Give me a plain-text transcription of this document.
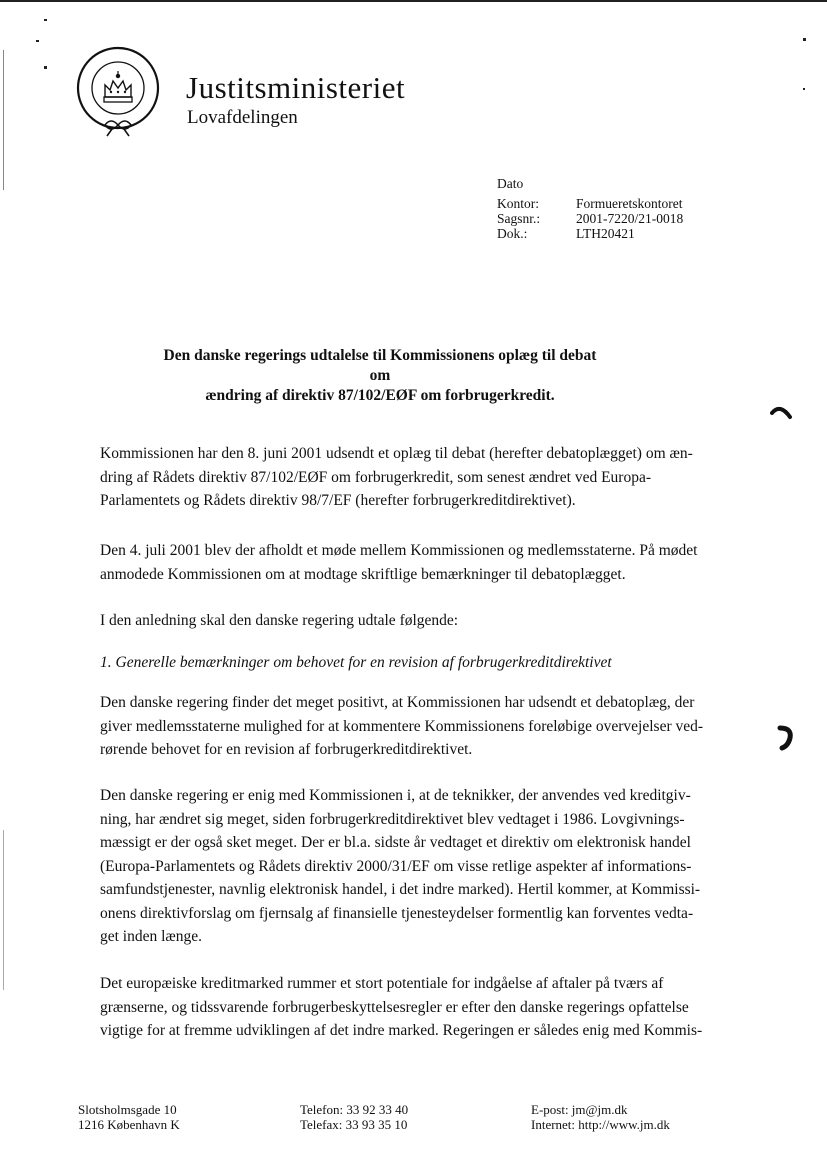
Justitsministeriet
Lovafdelingen
Dato
Kontor:	Formueretskontoret
Sagsnr.:	2001-7220/21-0018
Dok.:	LTH20421
Den danske regerings udtalelse til Kommissionens oplæg til debat
om
ændring af direktiv 87/102/EØF om forbrugerkredit.

Kommissionen har den 8. juni 2001 udsendt et oplæg til debat (herefter debatoplægget) om æn-

dring af Rådets direktiv 87/102/EØF om forbrugerkredit, som senest ændret ved Europa-

Parlamentets og Rådets direktiv 98/7/EF (herefter forbrugerkreditdirektivet).

Den 4. juli 2001 blev der afholdt et møde mellem Kommissionen og medlemsstaterne. På mødet

anmodede Kommissionen om at modtage skriftlige bemærkninger til debatoplægget.

I den anledning skal den danske regering udtale følgende:

1. Generelle bemærkninger om behovet for en revision af forbrugerkreditdirektivet

Den danske regering finder det meget positivt, at Kommissionen har udsendt et debatoplæg, der

giver medlemsstaterne mulighed for at kommentere Kommissionens foreløbige overvejelser ved-

rørende behovet for en revision af forbrugerkreditdirektivet.

Den danske regering er enig med Kommissionen i, at de teknikker, der anvendes ved kreditgiv-

ning, har ændret sig meget, siden forbrugerkreditdirektivet blev vedtaget i 1986. Lovgivnings-

mæssigt er der også sket meget. Der er bl.a. sidste år vedtaget et direktiv om elektronisk handel

(Europa-Parlamentets og Rådets direktiv 2000/31/EF om visse retlige aspekter af informations-

samfundstjenester, navnlig elektronisk handel, i det indre marked). Hertil kommer, at Kommissi-

onens direktivforslag om fjernsalg af finansielle tjenesteydelser formentlig kan forventes vedta-

get inden længe.

Det europæiske kreditmarked rummer et stort potentiale for indgåelse af aftaler på tværs af

grænserne, og tidssvarende forbrugerbeskyttelsesregler er efter den danske regerings opfattelse

vigtige for at fremme udviklingen af det indre marked. Regeringen er således enig med Kommis-

Slotsholmsgade 10
1216 København K
Telefon: 33 92 33 40
Telefax: 33 93 35 10
E-post: jm@jm.dk
Internet: http://www.jm.dk
